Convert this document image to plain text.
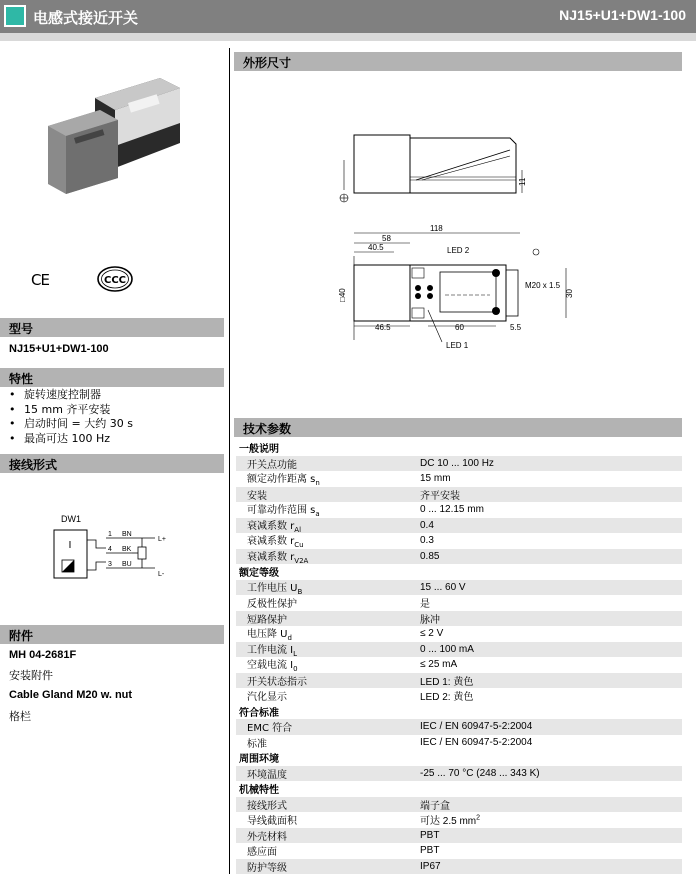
电感式接近开关	NJ15+U1+DW1-100
CE	CCC
型号
NJ15+U1+DW1-100
特性
• 旋转速度控制器
• 15 mm 齐平安装
• 启动时间 = 大约 30 s
• 最高可达 100 Hz
接线形式
DW1
I
1 BN
L+
4 BK
3 BU
L-
附件
MH 04-2681F
安装附件
Cable Gland M20 w. nut
格栏
外形尺寸
11
118
58
40.5	LED 2
□40
M20 x 1.5
30
46.5	60	5.5
LED 1
技术参数
一般说明
开关点功能	DC 10 ... 100 Hz
额定动作距离 $s_n$	15 mm
安装	齐平安装
可靠动作范围 $s_a$	0 ... 12.15 mm
衰减系数 $r_{Al}$	0.4
衰减系数 $r_{Cu}$	0.3
衰减系数 $r_{V2A}$	0.85
额定等级
工作电压 $U_B$	15 ... 60 V
反极性保护	是
短路保护	脉冲
电压降 $U_d$	≤ 2 V
工作电流 $I_L$	0 ... 100 mA
空载电流 $I_0$	≤ 25 mA
开关状态指示	LED 1: 黄色
汽化显示	LED 2: 黄色
符合标准
EMC 符合	IEC / EN 60947-5-2:2004
标准	IEC / EN 60947-5-2:2004
周围环境
环境温度	-25 ... 70 °C (248 ... 343 K)
机械特性
接线形式	端子盒
导线截面积	可达 2.5 $mm^2$
外壳材料	PBT
感应面	PBT
防护等级	IP67
